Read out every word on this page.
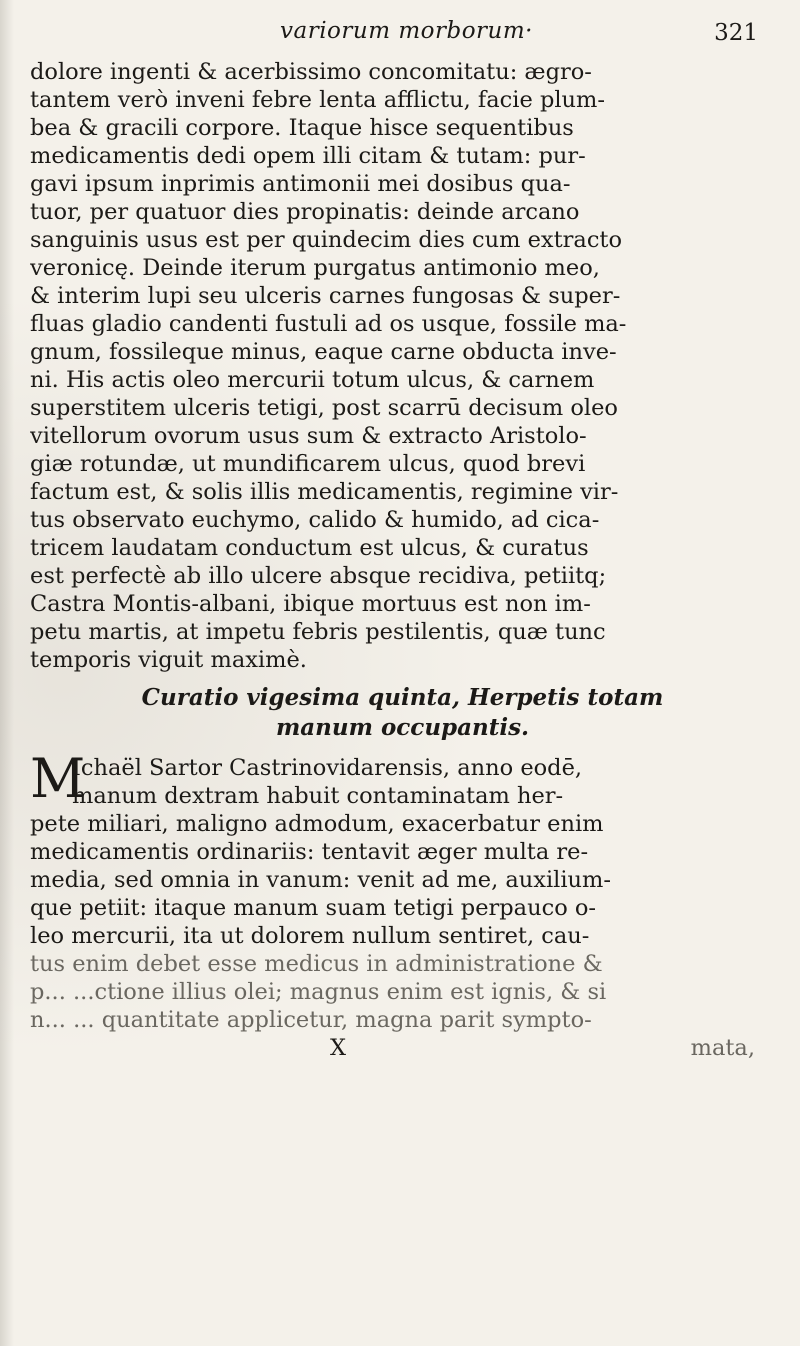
variorum morborum·	321
dolore ingenti & acerbissimo concomitatu: ægro-
tantem verò inveni febre lenta afflictu, facie plum-
bea & gracili corpore. Itaque hisce sequentibus
medicamentis dedi opem illi citam & tutam: pur-
gavi ipsum inprimis antimonii mei dosibus qua-
tuor, per quatuor dies propinatis: deinde arcano
sanguinis usus est per quindecim dies cum extracto
veronicę. Deinde iterum purgatus antimonio meo,
& interim lupi seu ulceris carnes fungosas & super-
fluas gladio candenti fustuli ad os usque, fossile ma-
gnum, fossileque minus, eaque carne obducta inve-
ni. His actis oleo mercurii totum ulcus, & carnem
superstitem ulceris tetigi, post scarrū decisum oleo
vitellorum ovorum usus sum & extracto Aristolo-
giæ rotundæ, ut mundificarem ulcus, quod brevi
factum est, & solis illis medicamentis, regimine vir-
tus observato euchymo, calido & humido, ad cica-
tricem laudatam conductum est ulcus, & curatus
est perfectè ab illo ulcere absque recidiva, petiitq;
Castra Montis-albani, ibique mortuus est non im-
petu martis, at impetu febris pestilentis, quæ tunc
temporis viguit maximè.
Curatio vigesima quinta, Herpetis totam
manum occupantis.
M
Ichaël Sartor Castrinovidarensis, anno eodē,
manum dextram habuit contaminatam her-
pete miliari, maligno admodum, exacerbatur enim
medicamentis ordinariis: tentavit æger multa re-
media, sed omnia in vanum: venit ad me, auxilium-
que petiit: itaque manum suam tetigi perpauco o-
leo mercurii, ita ut dolorem nullum sentiret, cau-
tus enim debet esse medicus in administratione &
p... ...ctione illius olei; magnus enim est ignis, & si
n... ... quantitate applicetur, magna parit sympto-
X	mata,
